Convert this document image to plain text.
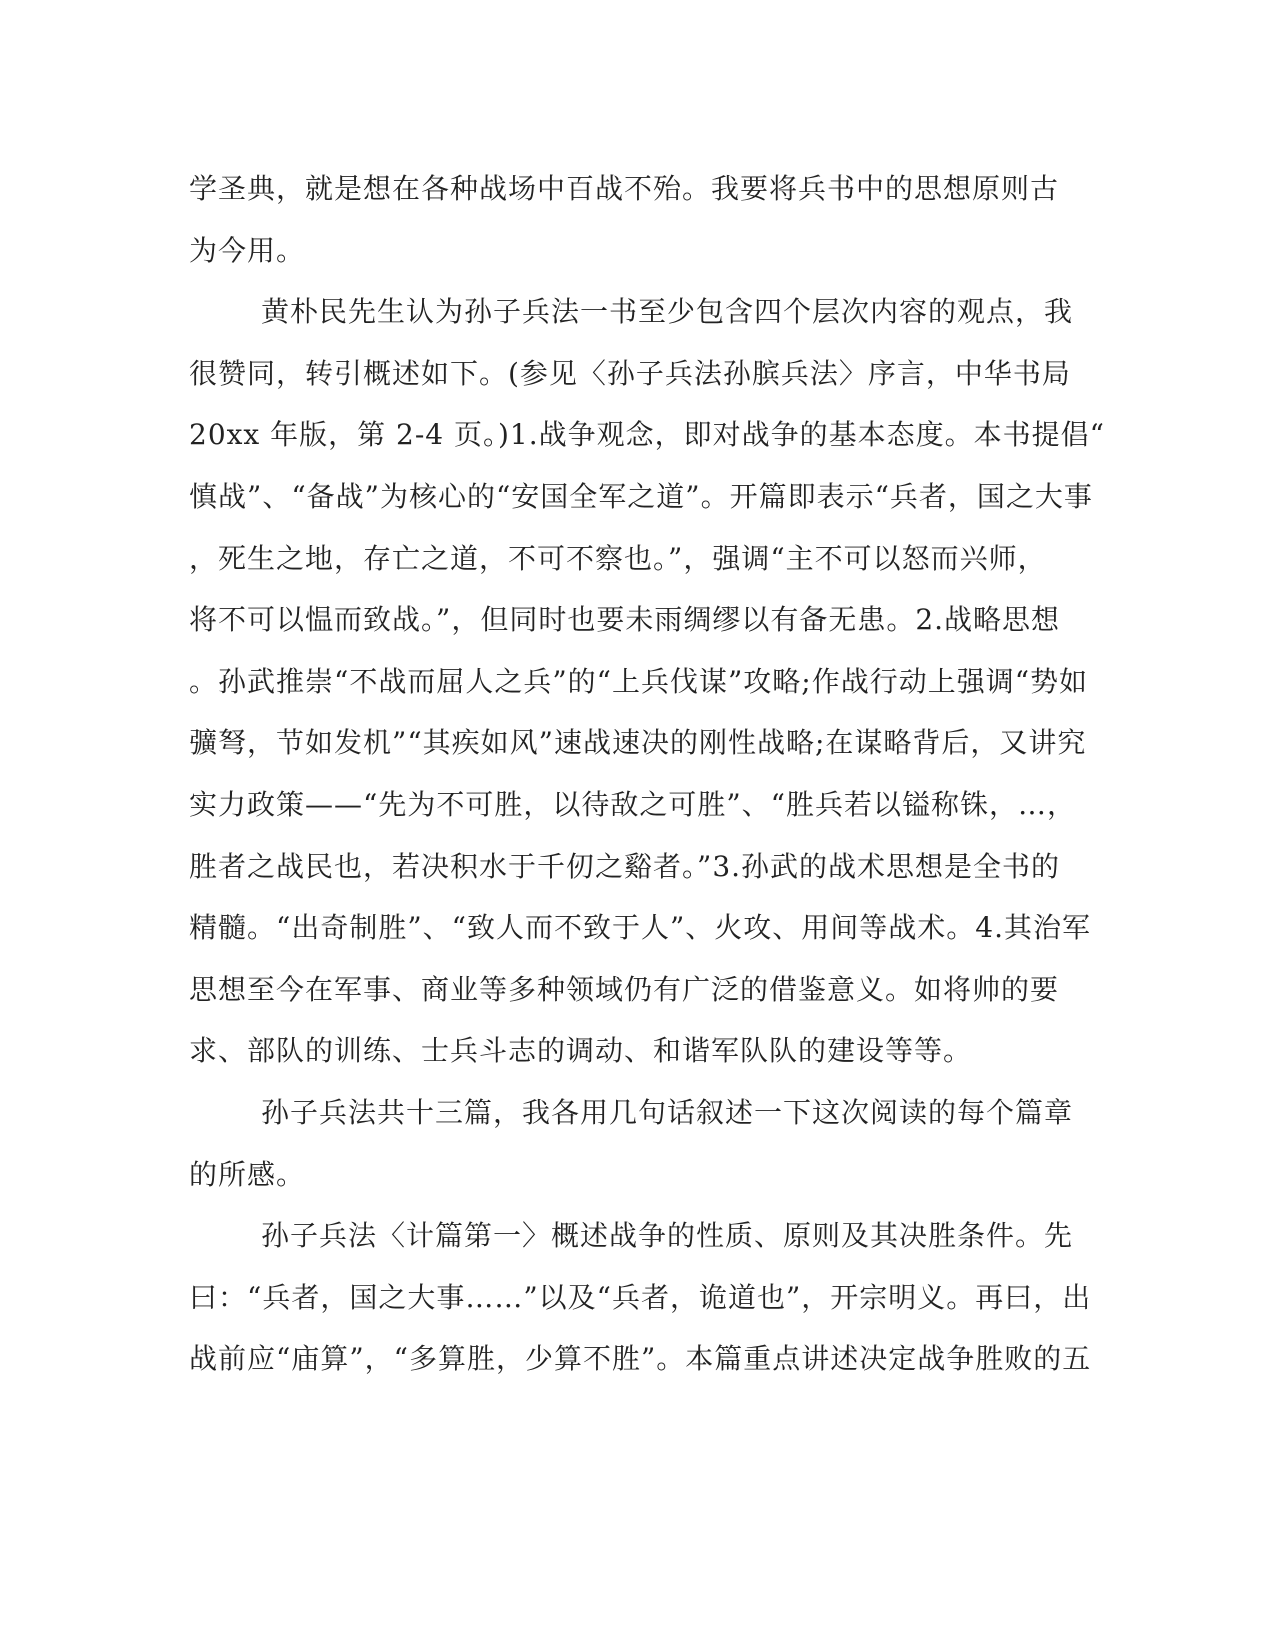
学圣典，就是想在各种战场中百战不殆。我要将兵书中的思想原则古
为今用。
黄朴民先生认为孙子兵法一书至少包含四个层次内容的观点，我
很赞同，转引概述如下。(参见〈孙子兵法孙膑兵法〉序言，中华书局
20xx 年版，第 2-4 页。)1.战争观念，即对战争的基本态度。本书提倡“
慎战”、“备战”为核心的“安国全军之道”。开篇即表示“兵者，国之大事
，死生之地，存亡之道，不可不察也。”，强调“主不可以怒而兴师，
将不可以愠而致战。”，但同时也要未雨绸缪以有备无患。2.战略思想
。孙武推崇“不战而屈人之兵”的“上兵伐谋”攻略;作战行动上强调“势如
彍弩，节如发机”“其疾如风”速战速决的刚性战略;在谋略背后，又讲究
实力政策——“先为不可胜，以待敌之可胜”、“胜兵若以镒称铢，…，
胜者之战民也，若决积水于千仞之谿者。”3.孙武的战术思想是全书的
精髓。“出奇制胜”、“致人而不致于人”、火攻、用间等战术。4.其治军
思想至今在军事、商业等多种领域仍有广泛的借鉴意义。如将帅的要
求、部队的训练、士兵斗志的调动、和谐军队队的建设等等。
孙子兵法共十三篇，我各用几句话叙述一下这次阅读的每个篇章
的所感。
孙子兵法〈计篇第一〉概述战争的性质、原则及其决胜条件。先
曰：“兵者，国之大事……”以及“兵者，诡道也”，开宗明义。再曰，出
战前应“庙算”，“多算胜，少算不胜”。本篇重点讲述决定战争胜败的五
